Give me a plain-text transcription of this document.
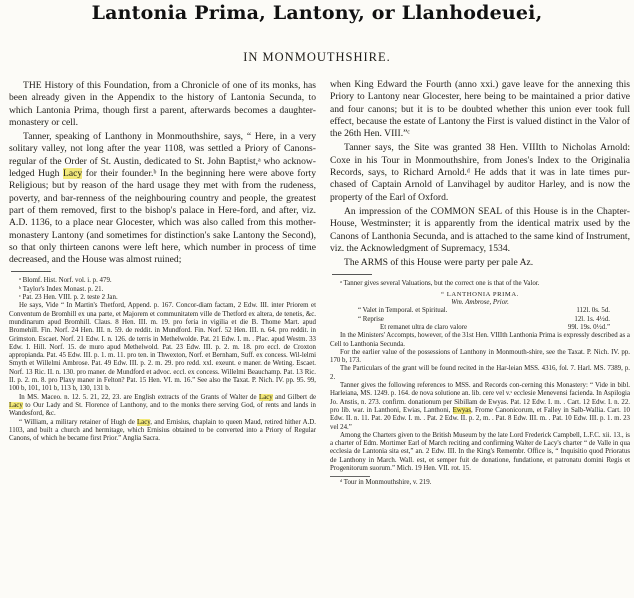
Lantonia Prima, Lantony, or Llanhodeuei,
IN MONMOUTHSHIRE.

THE History of this Foundation, from a Chronicle of one of its monks, has been already given in the Appendix to the history of Lantonia Secunda, to which Lantonia Prima, though first a parent, afterwards becomes a daughter-monastery or cell.

Tanner, speaking of Lanthony in Monmouthshire, says, “ Here, in a very solitary valley, not long after the year 1108, was settled a Priory of Canons-regular of the Order of St. Austin, dedicated to St. John Baptist,ᵃ who acknow-ledged Hugh Lacy for their founder.ᵇ In the beginning here were above forty Religious; but by reason of the hard usage they met with from the rudeness, poverty, and bar-renness of the neighbouring country and people, the greatest part of them removed, first to the bishop's palace in Here-ford, and after, viz. A.D. 1136, to a place near Glocester, which was also called from this mother-monastery Lantony (and sometimes for distinction's sake Lantony the Second), so that only thirteen canons were left here, which number in process of time decreased, and the House was almost ruined;

ᵃ Blomf. Hist. Norf. vol. i. p. 479.

ᵇ Taylor's Index Monast. p. 21.

ᶜ Pat. 23 Hen. VIII. p. 2. teste 2 Jan.

He says, Vide “ In Martin's Thetford, Append. p. 167. Concor-diam factam, 2 Edw. III. inter Priorem et Conventum de Bromhill ex una parte, et Majorem et communitatem ville de Thetford ex altera, de tenetis, &c. mundinarum apud Bromhill. Claus. 8 Hen. III. m. 19. pro feria in vigilia et die B. Thome Mart. apud Bromehill. Fin. Norf. 24 Hen. III. n. 59. de reddit. in Mundford. Fin. Norf. 52 Hen. III. n. 64. pro reddit. in Grimston. Escaet. Norf. 21 Edw. I. n. 126. de terris in Methelwolde. Pat. 21 Edw. I. m. . Plac. apud Westm. 33 Edw. I. Hill. Norf. 15. de muro apud Methelwold. Pat. 23 Edw. III. p. 2. m. 18. pro eccl. de Croxton appropianda. Pat. 45 Edw. III. p. 1. m. 11. pro ten. in Thwexton, Norf. et Bernham, Suff. ex concess. Wil-lelmi Smyth et Willelmi Ambrose. Pat. 49 Edw. III. p. 2. m. 29. pro redd. xxl. exeunt. e maner. de Weting. Escaet. Norf. 13 Ric. II. n. 130. pro maner. de Mundford et advoc. eccl. ex concess. Willelmi Beauchamp. Pat. 13 Ric. II. p. 2. m. 8. pro Plaxy maner in Felton? Pat. 15 Hen. VI. m. 16.” See also the Taxat. P. Nich. IV. pp. 95. 99, 100 b, 101, 101 b, 113 b, 130, 131 b.

In MS. Maceo. n. 12. 5. 21, 22, 23. are English extracts of the Grants of Walter de Lacy and Gilbert de Lacy to Our Lady and St. Florence of Lanthony, and to the monks there serving God, of rents and lands in Wandesford, &c.

“ William, a military retainer of Hugh de Lacy, and Ernisius, chaplain to queen Maud, retired hither A.D. 1103, and built a church and hermitage, which Ernisius obtained to be converted into a Priory of Regular Canons, of which he became first Prior.” Anglia Sacra.

when King Edward the Fourth (anno xxi.) gave leave for the annexing this Priory to Lantony near Glocester, here being to be maintained a prior dative and four canons; but it is to be doubted whether this union ever took full effect, because the estate of Lantony the First is valued distinct in the Valor of the 26th Hen. VIII.”ᶜ

Tanner says, the Site was granted 38 Hen. VIIIth to Nicholas Arnold: Coxe in his Tour in Monmouthshire, from Jones's Index to the Originalia Records, says, to Richard Arnold.ᵈ He adds that it was in late times pur-chased of Captain Arnold of Lanvihagel by auditor Harley, and is now the property of the Earl of Oxford.

An impression of the COMMON SEAL of this House is in the Chapter-House, Westminster; it is apparently from the identical matrix used by the Canons of Lanthonia Secunda, and is attached to the same kind of Instrument, viz. the Acknowledgment of Supremacy, 1534.

The ARMS of this House were party per pale Az.

ᵃ Tanner gives several Valuations, but the correct one is that of the Valor.

“ LANTHONIA PRIMA.
Wm. Ambrose, Prior.
“ Valet in Temporal. et Spiritual.	112l. 0s. 5d.
“ Reprise	12l. 1s. 4½d.
Et remanet ultra de claro valore	99l. 19s. 0½d.”

In the Ministers' Accompts, however, of the 31st Hen. VIIIth Lanthonia Prima is expressly described as a Cell to Lanthonia Secunda.

For the earlier value of the possessions of Lanthony in Monmouth-shire, see the Taxat. P. Nich. IV. pp. 170 b, 173.

The Particulars of the grant will be found recited in the Har-leian MSS. 4316, fol. 7. Harl. MS. 7389, p. 2.

Tanner gives the following references to MSS. and Records con-cerning this Monastery: “ Vide in bibl. Harleiana, MS. 1249. p. 164. de nova solutione an. lib. cere vel v.ˢ ecclesie Menevensi facienda. In Aspilogia Jo. Anstis, n. 273. confirm. donationum per Sibillam de Ewyas. Pat. 12 Edw. I. m. . Cart. 12 Edw. I. n. 22. pro lib. war. in Lanthoni, Ewias, Lanthoni, Ewyas, Frome Canonicorum, et Falley in Salb-Wallia. Cart. 10 Edw. II. n. 11. Pat. 20 Edw. I. m. . Pat. 2 Edw. II. p. 2, m. . Pat. 8 Edw. III. m. . Pat. 10 Edw. III. p. 1. m. 23 vel 24.”

Among the Charters given to the British Museum by the late Lord Frederick Campbell, L.F.C. xii. 13., is a charter of Edm. Mortimer Earl of March reciting and confirming Walter de Lacy's charter “ de Valle in qua ecclesia de Lantonia sita est,” an. 2 Edw. III. In the King's Remembr. Office is, “ Inquisitio quod Prioratus de Lanthony in March. Wall. est, et semper fuit de donatione, fundatione, et patronatu domini Regis et Progenitorum suorum.” Mich. 19 Hen. VII. rot. 15.

ᵈ Tour in Monmouthshire, v. 219.
